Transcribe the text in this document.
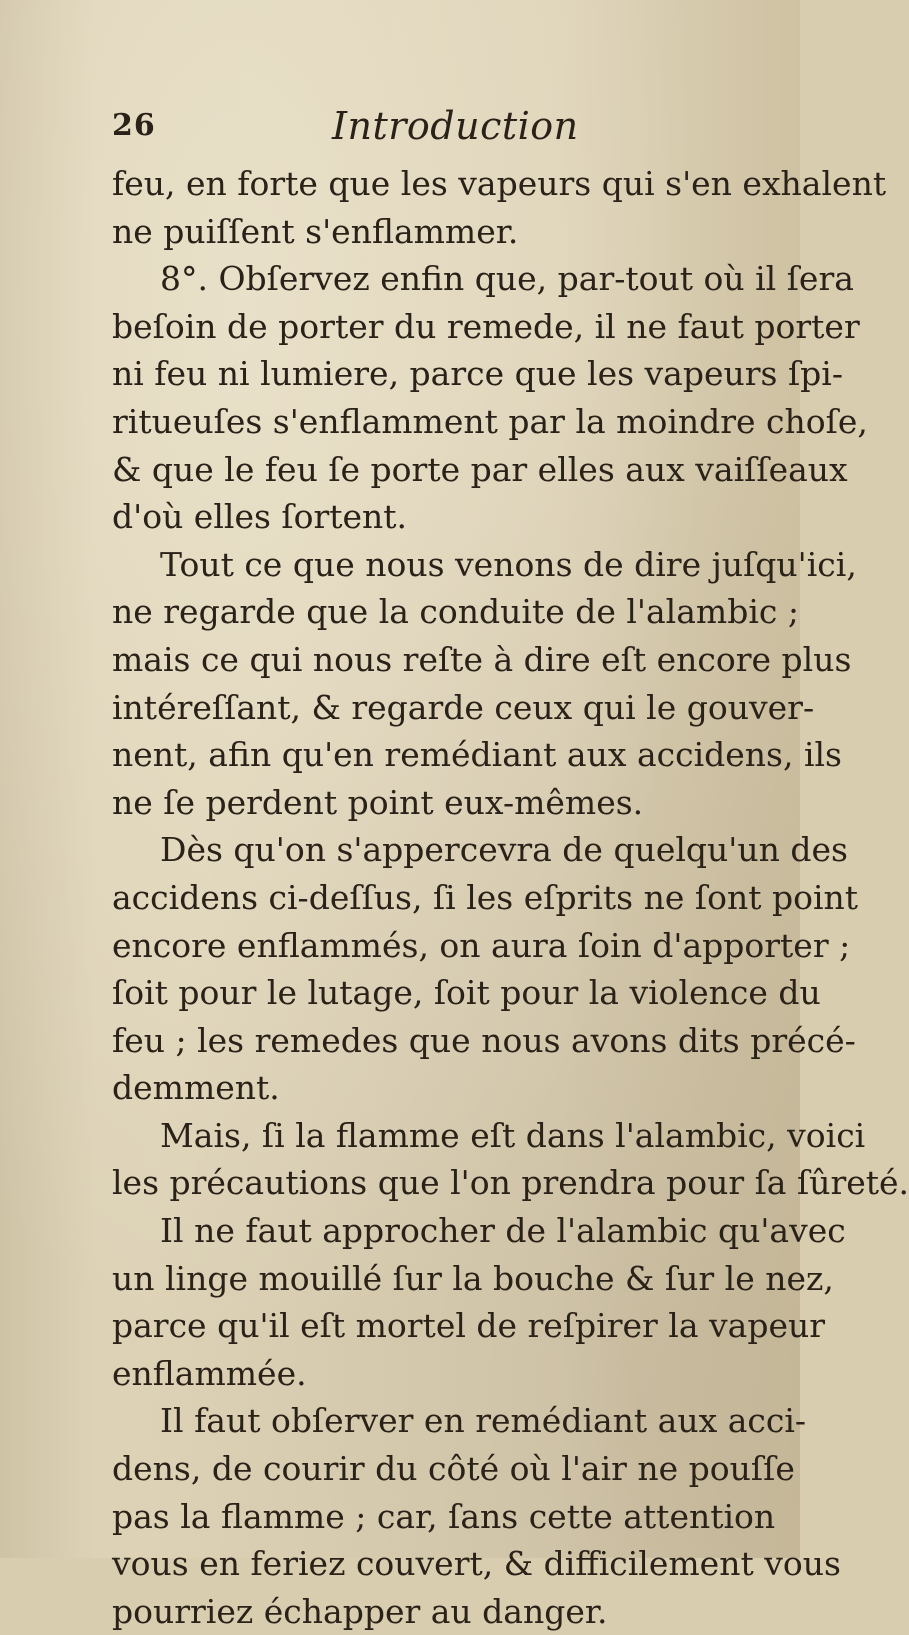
26	Introduction
feu, en forte que les vapeurs qui s'en exhalent
ne puiſſent s'enflammer.
8°. Obſervez enfin que, par-tout où il ſera
beſoin de porter du remede, il ne faut porter
ni feu ni lumiere, parce que les vapeurs ſpi-
ritueuſes s'enflamment par la moindre choſe,
& que le feu ſe porte par elles aux vaiſſeaux
d'où elles ſortent.
Tout ce que nous venons de dire juſqu'ici,
ne regarde que la conduite de l'alambic ;
mais ce qui nous reſte à dire eſt encore plus
intéreſſant, & regarde ceux qui le gouver-
nent, afin qu'en remédiant aux accidens, ils
ne ſe perdent point eux-mêmes.
Dès qu'on s'appercevra de quelqu'un des
accidens ci-deſſus, ſi les eſprits ne ſont point
encore enflammés, on aura ſoin d'apporter ;
ſoit pour le lutage, ſoit pour la violence du
feu ; les remedes que nous avons dits précé-
demment.
Mais, ſi la flamme eſt dans l'alambic, voici
les précautions que l'on prendra pour ſa ſûreté.
Il ne faut approcher de l'alambic qu'avec
un linge mouillé ſur la bouche & ſur le nez,
parce qu'il eſt mortel de reſpirer la vapeur
enflammée.
Il faut obſerver en remédiant aux acci-
dens, de courir du côté où l'air ne pouſſe
pas la flamme ; car, ſans cette attention
vous en feriez couvert, & difficilement vous
pourriez échapper au danger.
